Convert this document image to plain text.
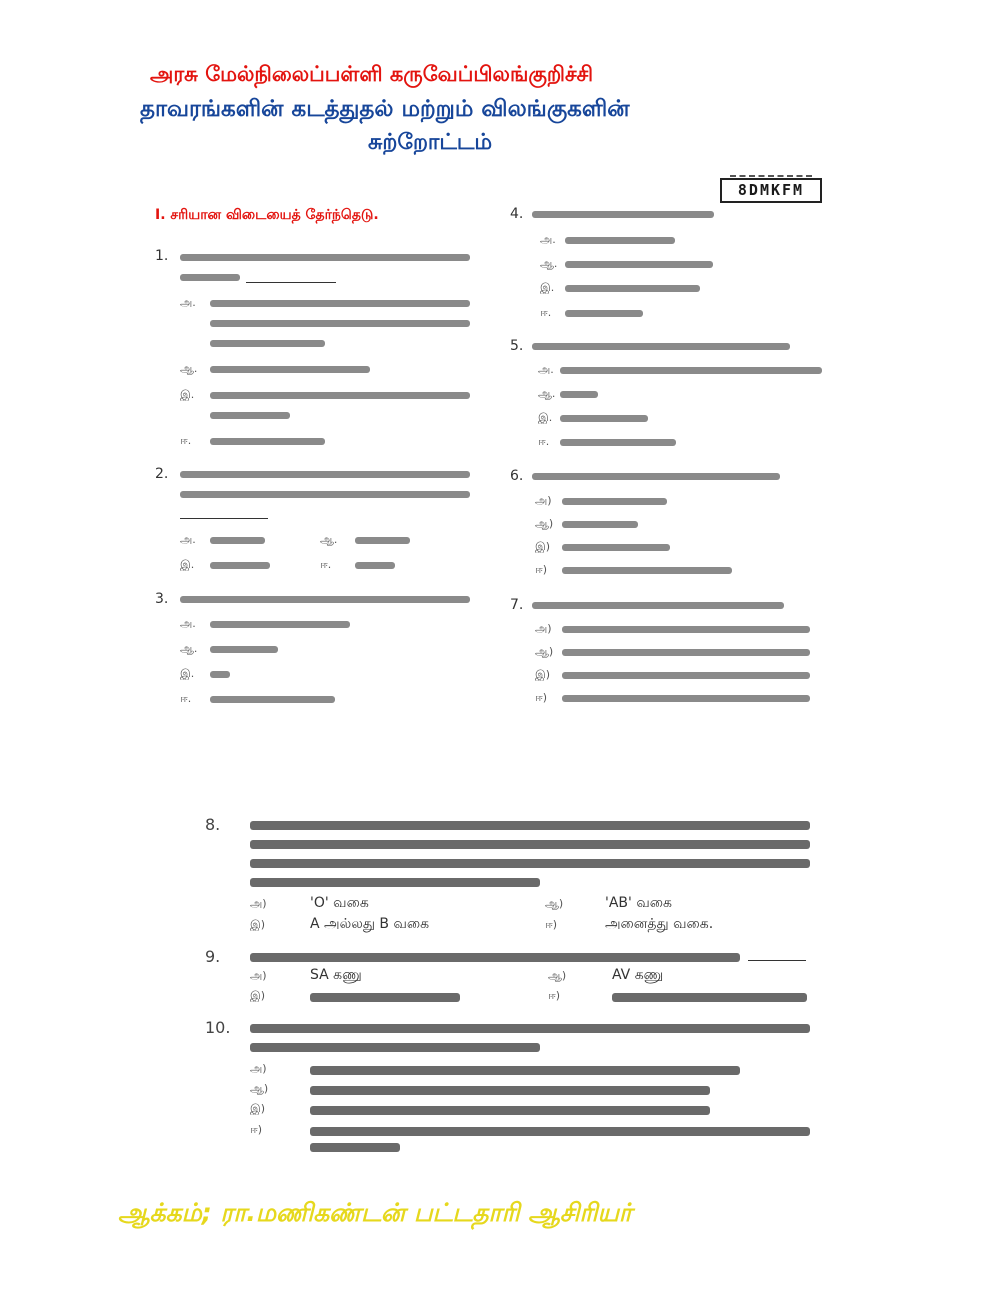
அரசு மேல்நிலைப்பள்ளி கருவேப்பிலங்குறிச்சி
தாவரங்களின் கடத்துதல் மற்றும் விலங்குகளின்
சுற்றோட்டம்
8DMKFM
I. சரியான விடையைத் தேர்ந்தெடு.
1.
அ.
ஆ.
இ.
ஈ.
2.
அ.	ஆ.
இ.	ஈ.
3.
அ.
ஆ.
இ.
ஈ.
4.
அ.
ஆ.
இ.
ஈ.
5.
அ.
ஆ.
இ.
ஈ.
6.
அ)
ஆ)
இ)
ஈ)
7.
அ)
ஆ)
இ)
ஈ)
8.
அ)	'O' வகை	ஆ)	'AB' வகை
இ)	A அல்லது B வகை	ஈ)	அனைத்து வகை.
9.
அ)	SA கணு	ஆ)	AV கணு
இ)	ஈ)
10.
அ)
ஆ)
இ)
ஈ)
ஆக்கம்; ரா.மணிகண்டன் பட்டதாரி ஆசிரியர்
